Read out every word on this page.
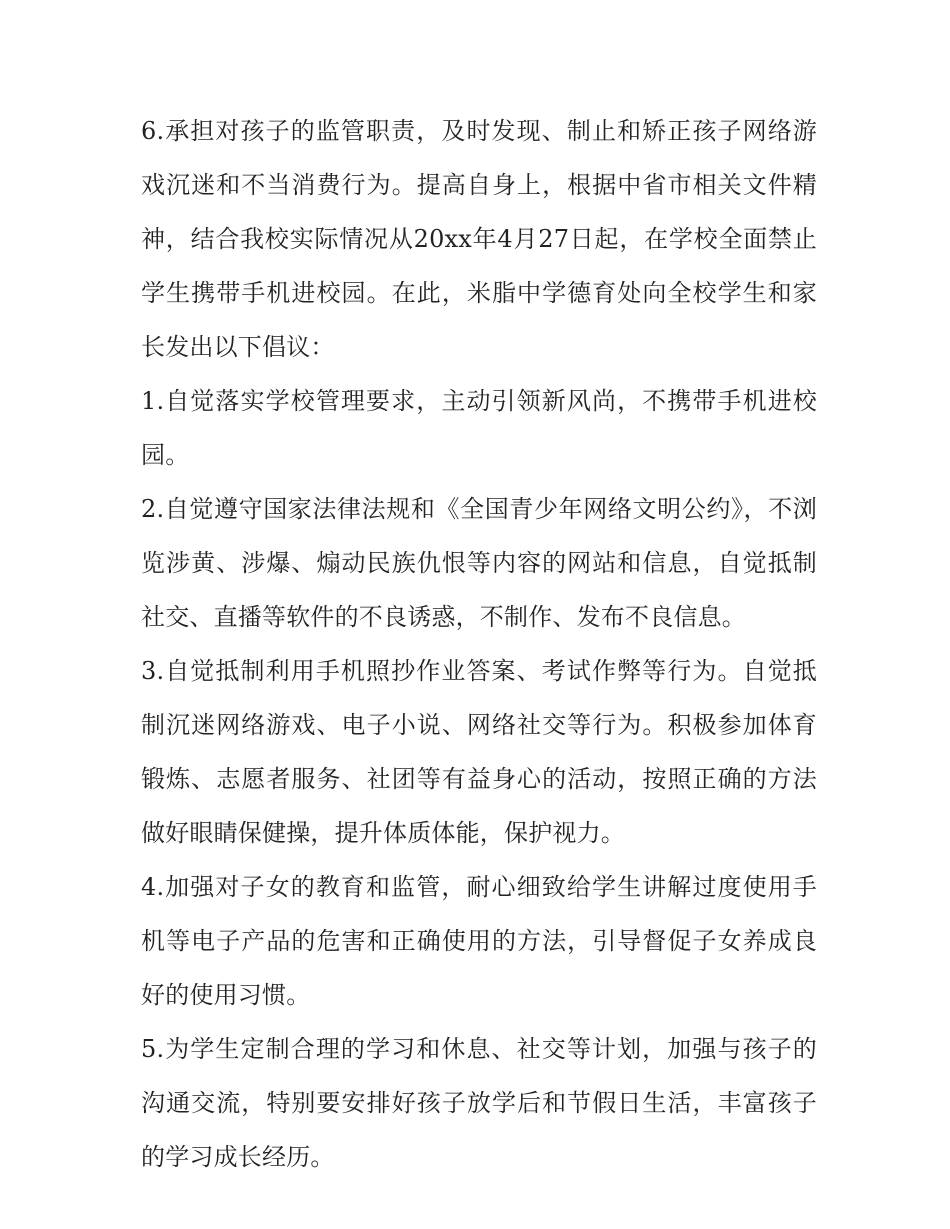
6.承担对孩子的监管职责，及时发现、制止和矫正孩子网络游戏沉迷和不当消费行为。提高自身上，根据中省市相关文件精神，结合我校实际情况从20xx年4月27日起，在学校全面禁止学生携带手机进校园。在此，米脂中学德育处向全校学生和家长发出以下倡议：

1.自觉落实学校管理要求，主动引领新风尚，不携带手机进校园。

2.自觉遵守国家法律法规和《全国青少年网络文明公约》，不浏览涉黄、涉爆、煽动民族仇恨等内容的网站和信息，自觉抵制社交、直播等软件的不良诱惑，不制作、发布不良信息。

3.自觉抵制利用手机照抄作业答案、考试作弊等行为。自觉抵制沉迷网络游戏、电子小说、网络社交等行为。积极参加体育锻炼、志愿者服务、社团等有益身心的活动，按照正确的方法做好眼睛保健操，提升体质体能，保护视力。

4.加强对子女的教育和监管，耐心细致给学生讲解过度使用手机等电子产品的危害和正确使用的方法，引导督促子女养成良好的使用习惯。

5.为学生定制合理的学习和休息、社交等计划，加强与孩子的沟通交流，特别要安排好孩子放学后和节假日生活，丰富孩子的学习成长经历。
